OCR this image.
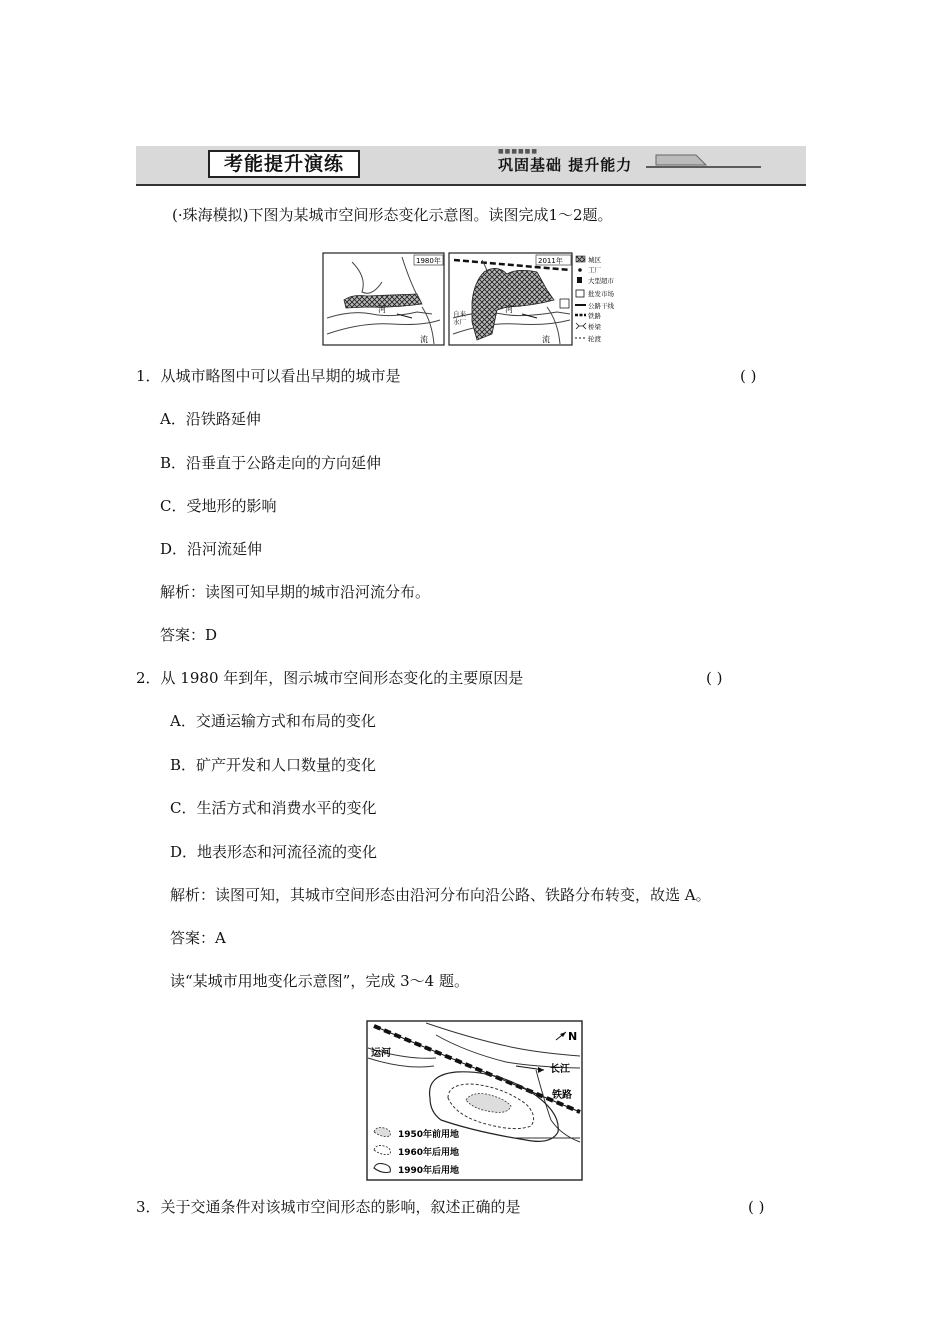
考能提升演练
■■■■■■
巩固基础 提升能力
(·珠海模拟)下图为某城市空间形态变化示意图。读图完成1～2题。
河
流
1980年
河
流
自来
水厂
2011年	城区
工厂
大型超市
批发市场
公路干线
铁路
桥梁
轮渡
1．从城市略图中可以看出早期的城市是	( )
A．沿铁路延伸
B．沿垂直于公路走向的方向延伸
C．受地形的影响
D．沿河流延伸
解析：读图可知早期的城市沿河流分布。
答案：D
2．从 1980 年到年，图示城市空间形态变化的主要原因是	( )
A．交通运输方式和布局的变化
B．矿产开发和人口数量的变化
C．生活方式和消费水平的变化
D．地表形态和河流径流的变化
解析：读图可知，其城市空间形态由沿河分布向沿公路、铁路分布转变，故选 A。
答案：A
读“某城市用地变化示意图”，完成 3～4 题。
N
运河
长江
铁路
1950年前用地
1960年后用地
1990年后用地
3．关于交通条件对该城市空间形态的影响，叙述正确的是	( )
